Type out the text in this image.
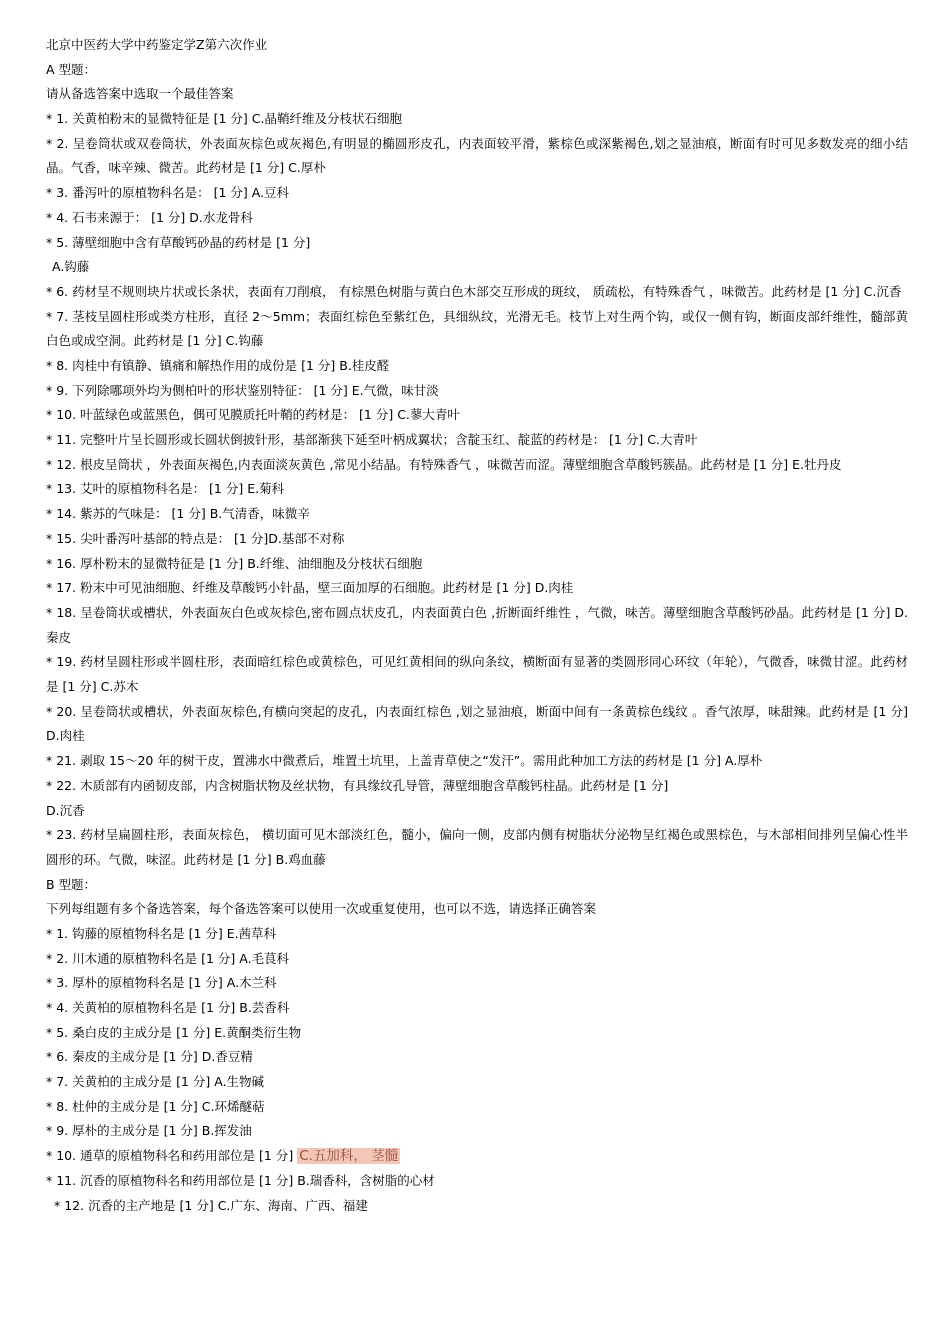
北京中医药大学中药鉴定学Z第六次作业
A 型题：
请从备选答案中选取一个最佳答案
* 1. 关黄柏粉末的显微特征是 [1 分] C.晶鞘纤维及分枝状石细胞
* 2. 呈卷筒状或双卷筒状，外表面灰棕色或灰褐色,有明显的椭圆形皮孔，内表面较平滑，紫棕色或深紫褐色,划之显油痕，断面有时可见多数发亮的细小结晶。气香，味辛辣、微苦。此药材是 [1 分] C.厚朴
* 3. 番泻叶的原植物科名是： [1 分] A.豆科
* 4. 石韦来源于： [1 分] D.水龙骨科
* 5. 薄壁细胞中含有草酸钙砂晶的药材是 [1 分]
A.钩藤
* 6. 药材呈不规则块片状或长条状，表面有刀削痕， 有棕黑色树脂与黄白色木部交互形成的斑纹， 质疏松，有特殊香气 ，味微苦。此药材是 [1 分] C.沉香
* 7. 茎枝呈圆柱形或类方柱形，直径 2～5mm；表面红棕色至紫红色，具细纵纹，光滑无毛。枝节上对生两个钩，或仅一侧有钩，断面皮部纤维性，髓部黄白色或成空洞。此药材是 [1 分] C.钩藤
* 8. 肉桂中有镇静、镇痛和解热作用的成份是 [1 分] B.桂皮醛
* 9. 下列除哪项外均为侧柏叶的形状鉴别特征： [1 分] E.气微，味甘淡
* 10. 叶蓝绿色或蓝黑色，偶可见膜质托叶鞘的药材是： [1 分] C.蓼大青叶
* 11. 完整叶片呈长圆形或长圆状倒披针形，基部渐狭下延至叶柄成翼状；含靛玉红、靛蓝的药材是： [1 分] C.大青叶
* 12. 根皮呈筒状 ，外表面灰褐色,内表面淡灰黄色 ,常见小结晶。有特殊香气 ，味微苦而涩。薄壁细胞含草酸钙簇晶。此药材是 [1 分] E.牡丹皮
* 13. 艾叶的原植物科名是： [1 分] E.菊科
* 14. 紫苏的气味是： [1 分] B.气清香，味微辛
* 15. 尖叶番泻叶基部的特点是： [1 分]D.基部不对称
* 16. 厚朴粉末的显微特征是 [1 分] B.纤维、油细胞及分枝状石细胞
* 17. 粉末中可见油细胞、纤维及草酸钙小针晶，壁三面加厚的石细胞。此药材是 [1 分] D.肉桂
* 18. 呈卷筒状或槽状，外表面灰白色或灰棕色,密布圆点状皮孔，内表面黄白色 ,折断面纤维性 ，气微，味苦。薄壁细胞含草酸钙砂晶。此药材是 [1 分] D.秦皮
* 19. 药材呈圆柱形或半圆柱形，表面暗红棕色或黄棕色，可见红黄相间的纵向条纹，横断面有显著的类圆形同心环纹（年轮），气微香，味微甘涩。此药材是 [1 分] C.苏木
* 20. 呈卷筒状或槽状，外表面灰棕色,有横向突起的皮孔，内表面红棕色 ,划之显油痕，断面中间有一条黄棕色线纹 。香气浓厚，味甜辣。此药材是 [1 分] D.肉桂
* 21. 剥取 15～20 年的树干皮，置沸水中微煮后，堆置土坑里，上盖青草使之“发汗”。需用此种加工方法的药材是 [1 分] A.厚朴
* 22. 木质部有内函韧皮部，内含树脂状物及丝状物，有具缘纹孔导管，薄壁细胞含草酸钙柱晶。此药材是 [1 分]
D.沉香
* 23. 药材呈扁圆柱形，表面灰棕色， 横切面可见木部淡红色，髓小，偏向一侧，皮部内侧有树脂状分泌物呈红褐色或黑棕色，与木部相间排列呈偏心性半圆形的环。气微，味涩。此药材是 [1 分] B.鸡血藤
B 型题：
下列每组题有多个备选答案，每个备选答案可以使用一次或重复使用，也可以不选，请选择正确答案
* 1. 钩藤的原植物科名是 [1 分] E.茜草科
* 2. 川木通的原植物科名是 [1 分] A.毛茛科
* 3. 厚朴的原植物科名是 [1 分] A.木兰科
* 4. 关黄柏的原植物科名是 [1 分] B.芸香科
* 5. 桑白皮的主成分是 [1 分] E.黄酮类衍生物
* 6. 秦皮的主成分是 [1 分] D.香豆精
* 7. 关黄柏的主成分是 [1 分] A.生物碱
* 8. 杜仲的主成分是 [1 分] C.环烯醚萜
* 9. 厚朴的主成分是 [1 分] B.挥发油
* 10. 通草的原植物科名和药用部位是 [1 分] C.五加科， 茎髓
* 11. 沉香的原植物科名和药用部位是 [1 分] B.瑞香科，含树脂的心材
* 12. 沉香的主产地是 [1 分] C.广东、海南、广西、福建
